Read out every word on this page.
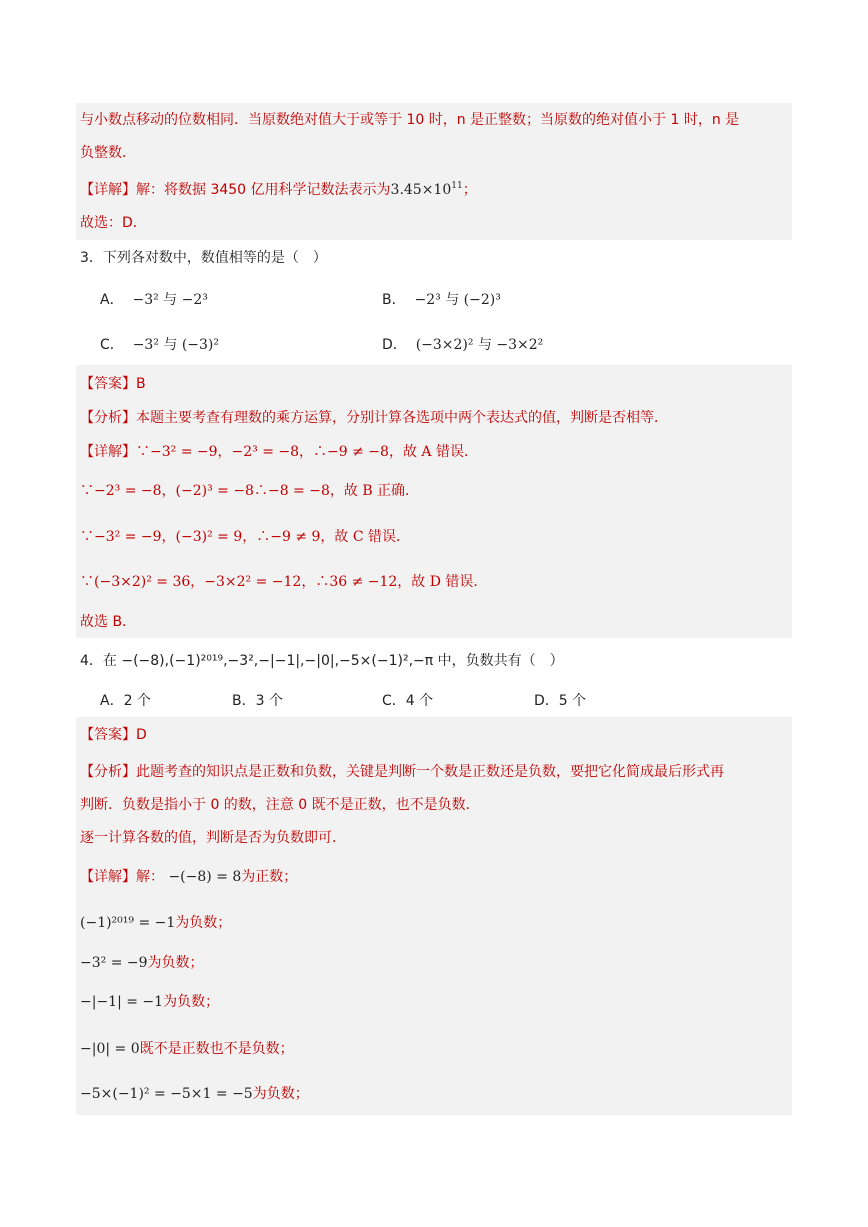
与小数点移动的位数相同．当原数绝对值大于或等于 10 时，n 是正整数；当原数的绝对值小于 1 时，n 是
负整数．
【详解】解：将数据 3450 亿用科学记数法表示为$3.45\times 10^{11}$；
故选：D．
3．下列各对数中，数值相等的是（　）
A． −3² 与 −2³	B． −2³ 与 (−2)³
C． −3² 与 (−3)²	D． (−3×2)² 与 −3×2²
【答案】B
【分析】本题主要考查有理数的乘方运算，分别计算各选项中两个表达式的值，判断是否相等．
【详解】∵−3² = −9，−2³ = −8，∴−9 ≠ −8，故 A 错误．
∵−2³ = −8，(−2)³ = −8∴−8 = −8，故 B 正确．
∵−3² = −9，(−3)² = 9，∴−9 ≠ 9，故 C 错误．
∵(−3×2)² = 36，−3×2² = −12，∴36 ≠ −12，故 D 错误．
故选 B．
4．在 −(−8),(−1)²⁰¹⁹,−3²,−|−1|,−|0|,−5×(−1)²,−π 中，负数共有（　）
A．2 个	B．3 个	C．4 个	D．5 个
【答案】D
【分析】此题考查的知识点是正数和负数，关键是判断一个数是正数还是负数，要把它化简成最后形式再
判断．负数是指小于 0 的数，注意 0 既不是正数，也不是负数．
逐一计算各数的值，判断是否为负数即可．
【详解】解： −(−8) = 8为正数；
(−1)²⁰¹⁹ = −1为负数；
−3² = −9为负数；
−|−1| = −1为负数；
−|0| = 0既不是正数也不是负数；
−5×(−1)² = −5×1 = −5为负数；
